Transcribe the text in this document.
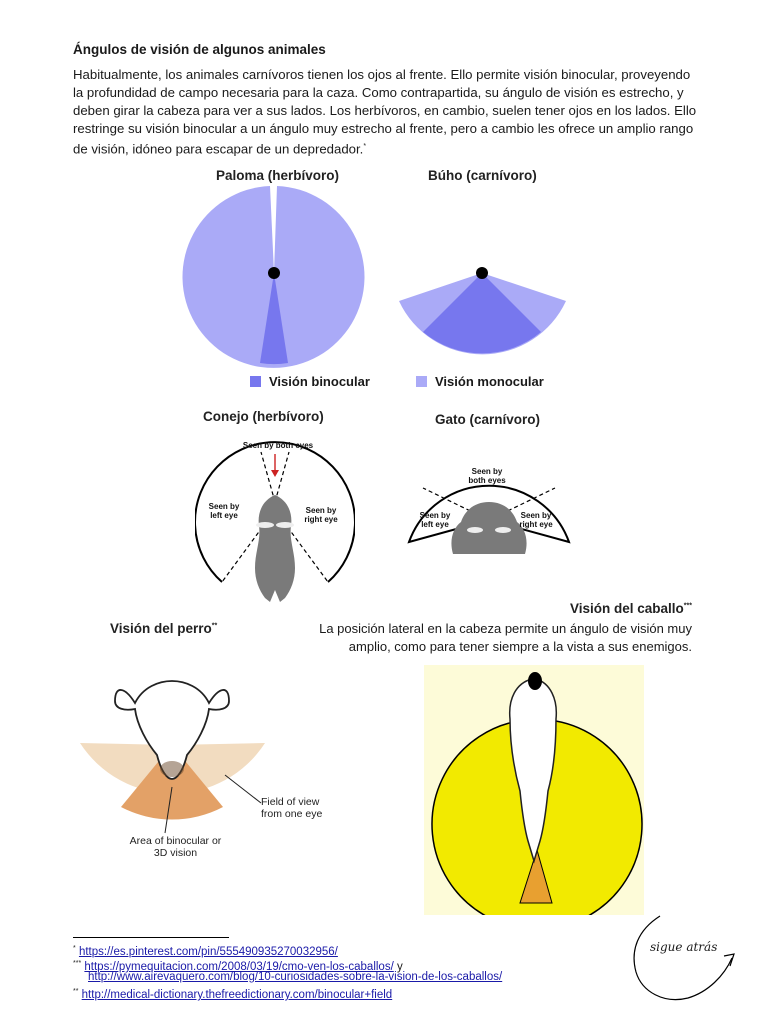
Ángulos de visión de algunos animales
Habitualmente, los animales carnívoros tienen los ojos al frente. Ello permite visión binocular, proveyendo la profundidad de campo necesaria para la caza. Como contrapartida, su ángulo de visión es estrecho, y deben girar la cabeza para ver a sus lados. Los herbívoros, en cambio, suelen tener ojos en los lados. Ello restringe su visión binocular a un ángulo muy estrecho al frente, pero a cambio les ofrece un amplio rango de visión, idóneo para escapar de un depredador.*
Paloma (herbívoro)	Búho (carnívoro)
Visión binocular	Visión monocular
Conejo (herbívoro)
Seen by both eyes
Seen by left eye
Seen by right eye
Gato (carnívoro)
Seen by both eyes
Seen by left eye
Seen by right eye
Visión del perro**
Field of view from one eye
Area of binocular or 3D vision
Visión del caballo***
La posición lateral en la cabeza permite un ángulo de visión muy amplio, como para tener siempre a la vista a sus enemigos.
* https://es.pinterest.com/pin/555490935270032956/
*** https://pymequitacion.com/2008/03/19/cmo-ven-los-caballos/ y
http://www.airevaquero.com/blog/10-curiosidades-sobre-la-vision-de-los-caballos/
** http://medical-dictionary.thefreedictionary.com/binocular+field
sigue atrás
